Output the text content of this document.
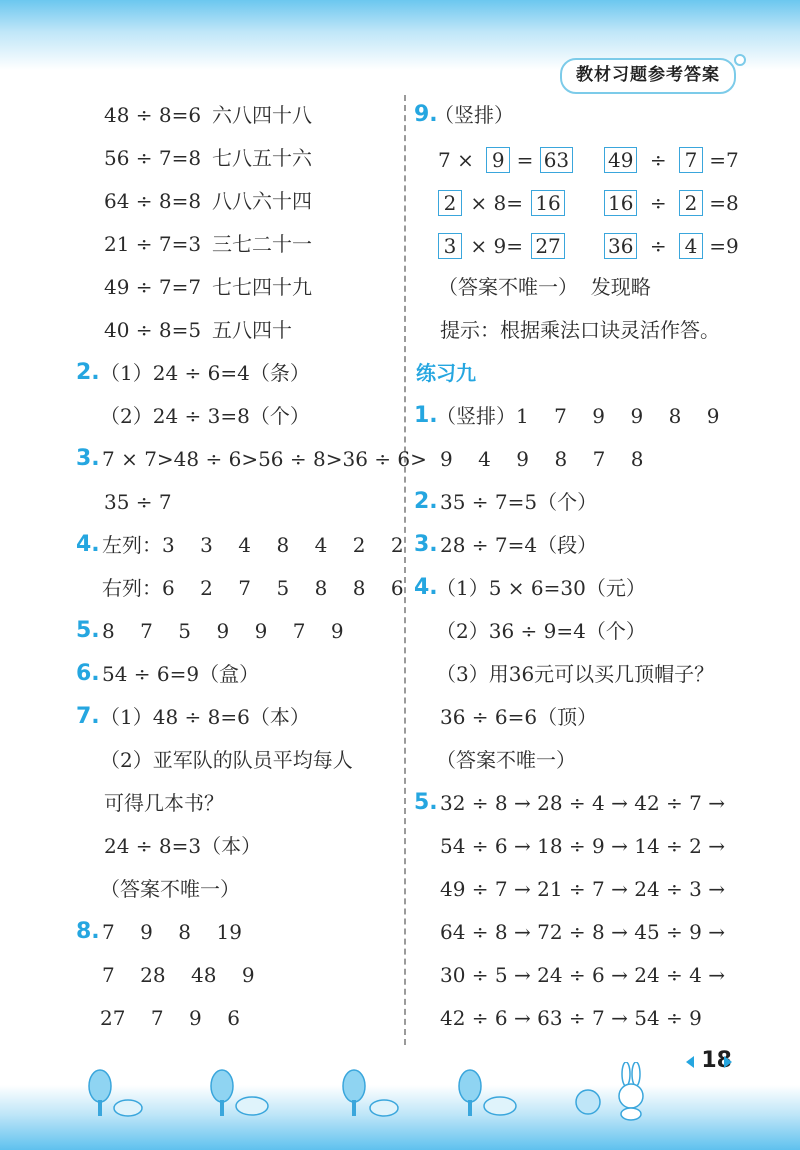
教材习题参考答案
48 ÷ 8=6 六八四十八
56 ÷ 7=8 七八五十六
64 ÷ 8=8 八八六十四
21 ÷ 7=3 三七二十一
49 ÷ 7=7 七七四十九
40 ÷ 8=5 五八四十
2. （1）24 ÷ 6=4（条）
（2）24 ÷ 3=8（个）
3. 7 × 7>48 ÷ 6>56 ÷ 8>36 ÷ 6>
35 ÷ 7
4. 左列： 3    3    4    8    4    2    2
右列： 6    2    7    5    8    8    6
5. 8    7    5    9    9    7    9
6. 54 ÷ 6=9（盒）
7. （1）48 ÷ 8=6（本）
（2）亚军队的队员平均每人
可得几本书？
24 ÷ 8=3（本）
（答案不唯一）
8. 7    9    8    19
7    28    48    9
27    7    9    6
9.
（竖排）
7 × 9 = 63 49 ÷ 7 =7
2 × 8= 16 16 ÷ 2 =8
3 × 9= 27 36 ÷ 4 =9
（答案不唯一）  发现略
提示：根据乘法口诀灵活作答。
练习九
1.
（竖排）1    7    9    9    8    9
9    4    9    8    7    8
2. 35 ÷ 7=5（个）
3. 28 ÷ 7=4（段）
4.
（1）5 × 6=30（元）
（2）36 ÷ 9=4（个）
（3）用36元可以买几顶帽子？
36 ÷ 6=6（顶）
（答案不唯一）
5. 32 ÷ 8 → 28 ÷ 4 → 42 ÷ 7 →
54 ÷ 6 → 18 ÷ 9 → 14 ÷ 2 →
49 ÷ 7 → 21 ÷ 7 → 24 ÷ 3 →
64 ÷ 8 → 72 ÷ 8 → 45 ÷ 9 →
30 ÷ 5 → 24 ÷ 6 → 24 ÷ 4 →
42 ÷ 6 → 63 ÷ 7 → 54 ÷ 9
18
